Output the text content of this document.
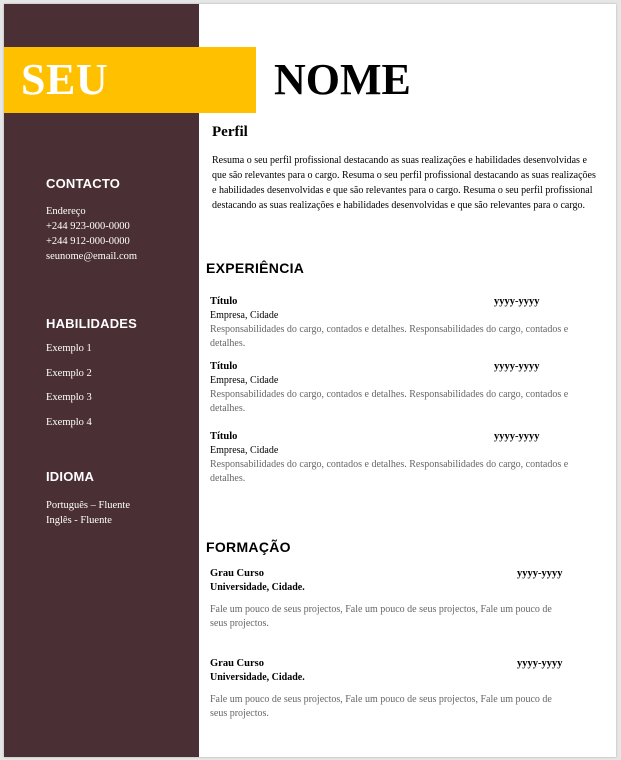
SEU	NOME
CONTACTO
Endereço
+244 923-000-0000
+244 912-000-0000
seunome@email.com
HABILIDADES
Exemplo 1
Exemplo 2
Exemplo 3
Exemplo 4
IDIOMA
Português – Fluente
Inglês - Fluente
Perfil
Resuma o seu perfil profissional destacando as suas realizações e habilidades desenvolvidas e que são relevantes para o cargo. Resuma o seu perfil profissional destacando as suas realizações e habilidades desenvolvidas e que são relevantes para o cargo. Resuma o seu perfil profissional destacando as suas realizações e habilidades desenvolvidas e que são relevantes para o cargo.
EXPERIÊNCIA
Título	yyyy-yyyy
Empresa, Cidade
Responsabilidades do cargo, contados e detalhes. Responsabilidades do cargo, contados e detalhes.
Título	yyyy-yyyy
Empresa, Cidade
Responsabilidades do cargo, contados e detalhes. Responsabilidades do cargo, contados e detalhes.
Título	yyyy-yyyy
Empresa, Cidade
Responsabilidades do cargo, contados e detalhes. Responsabilidades do cargo, contados e detalhes.
FORMAÇÃO
Grau Curso	yyyy-yyyy
Universidade, Cidade.
Fale um pouco de seus projectos, Fale um pouco de seus projectos, Fale um pouco de seus projectos.
Grau Curso	yyyy-yyyy
Universidade, Cidade.
Fale um pouco de seus projectos, Fale um pouco de seus projectos, Fale um pouco de seus projectos.
